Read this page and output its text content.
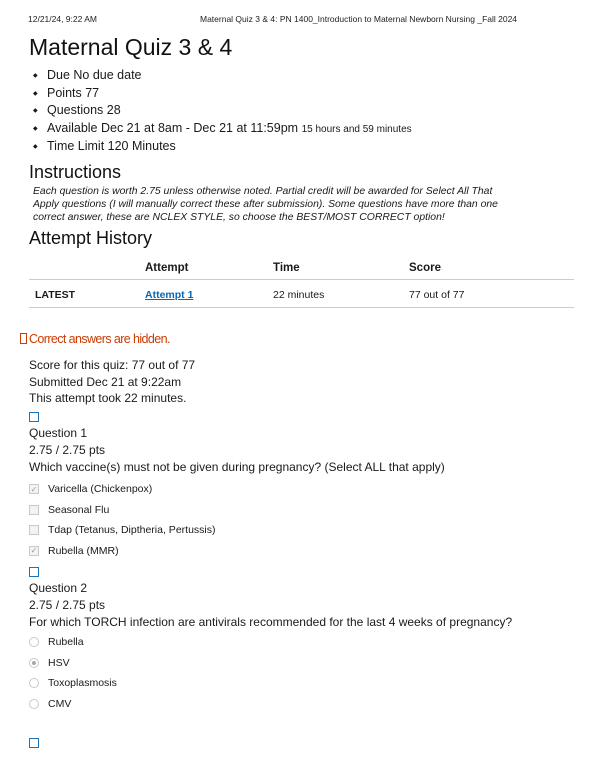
12/21/24, 9:22 AM	Maternal Quiz 3 & 4: PN 1400_Introduction to Maternal Newborn Nursing _Fall 2024
Maternal Quiz 3 & 4
◆ Due No due date
◆ Points 77
◆ Questions 28
◆ Available Dec 21 at 8am - Dec 21 at 11:59pm 15 hours and 59 minutes
◆ Time Limit 120 Minutes
Instructions
Each question is worth 2.75 unless otherwise noted. Partial credit will be awarded for Select All That Apply questions (I will manually correct these after submission). Some questions have more than one correct answer, these are NCLEX STYLE, so choose the BEST/MOST CORRECT option!
Attempt History
	Attempt	Time	Score
LATEST	Attempt 1	22 minutes	77 out of 77
Correct answers are hidden.
Score for this quiz: 77 out of 77
Submitted Dec 21 at 9:22am
This attempt took 22 minutes.
Question 1
2.75 / 2.75 pts
Which vaccine(s) must not be given during pregnancy? (Select ALL that apply)
✓ Varicella (Chickenpox)
Seasonal Flu
Tdap (Tetanus, Diptheria, Pertussis)
✓ Rubella (MMR)
Question 2
2.75 / 2.75 pts
For which TORCH infection are antivirals recommended for the last 4 weeks of pregnancy?
Rubella
HSV
Toxoplasmosis
CMV
